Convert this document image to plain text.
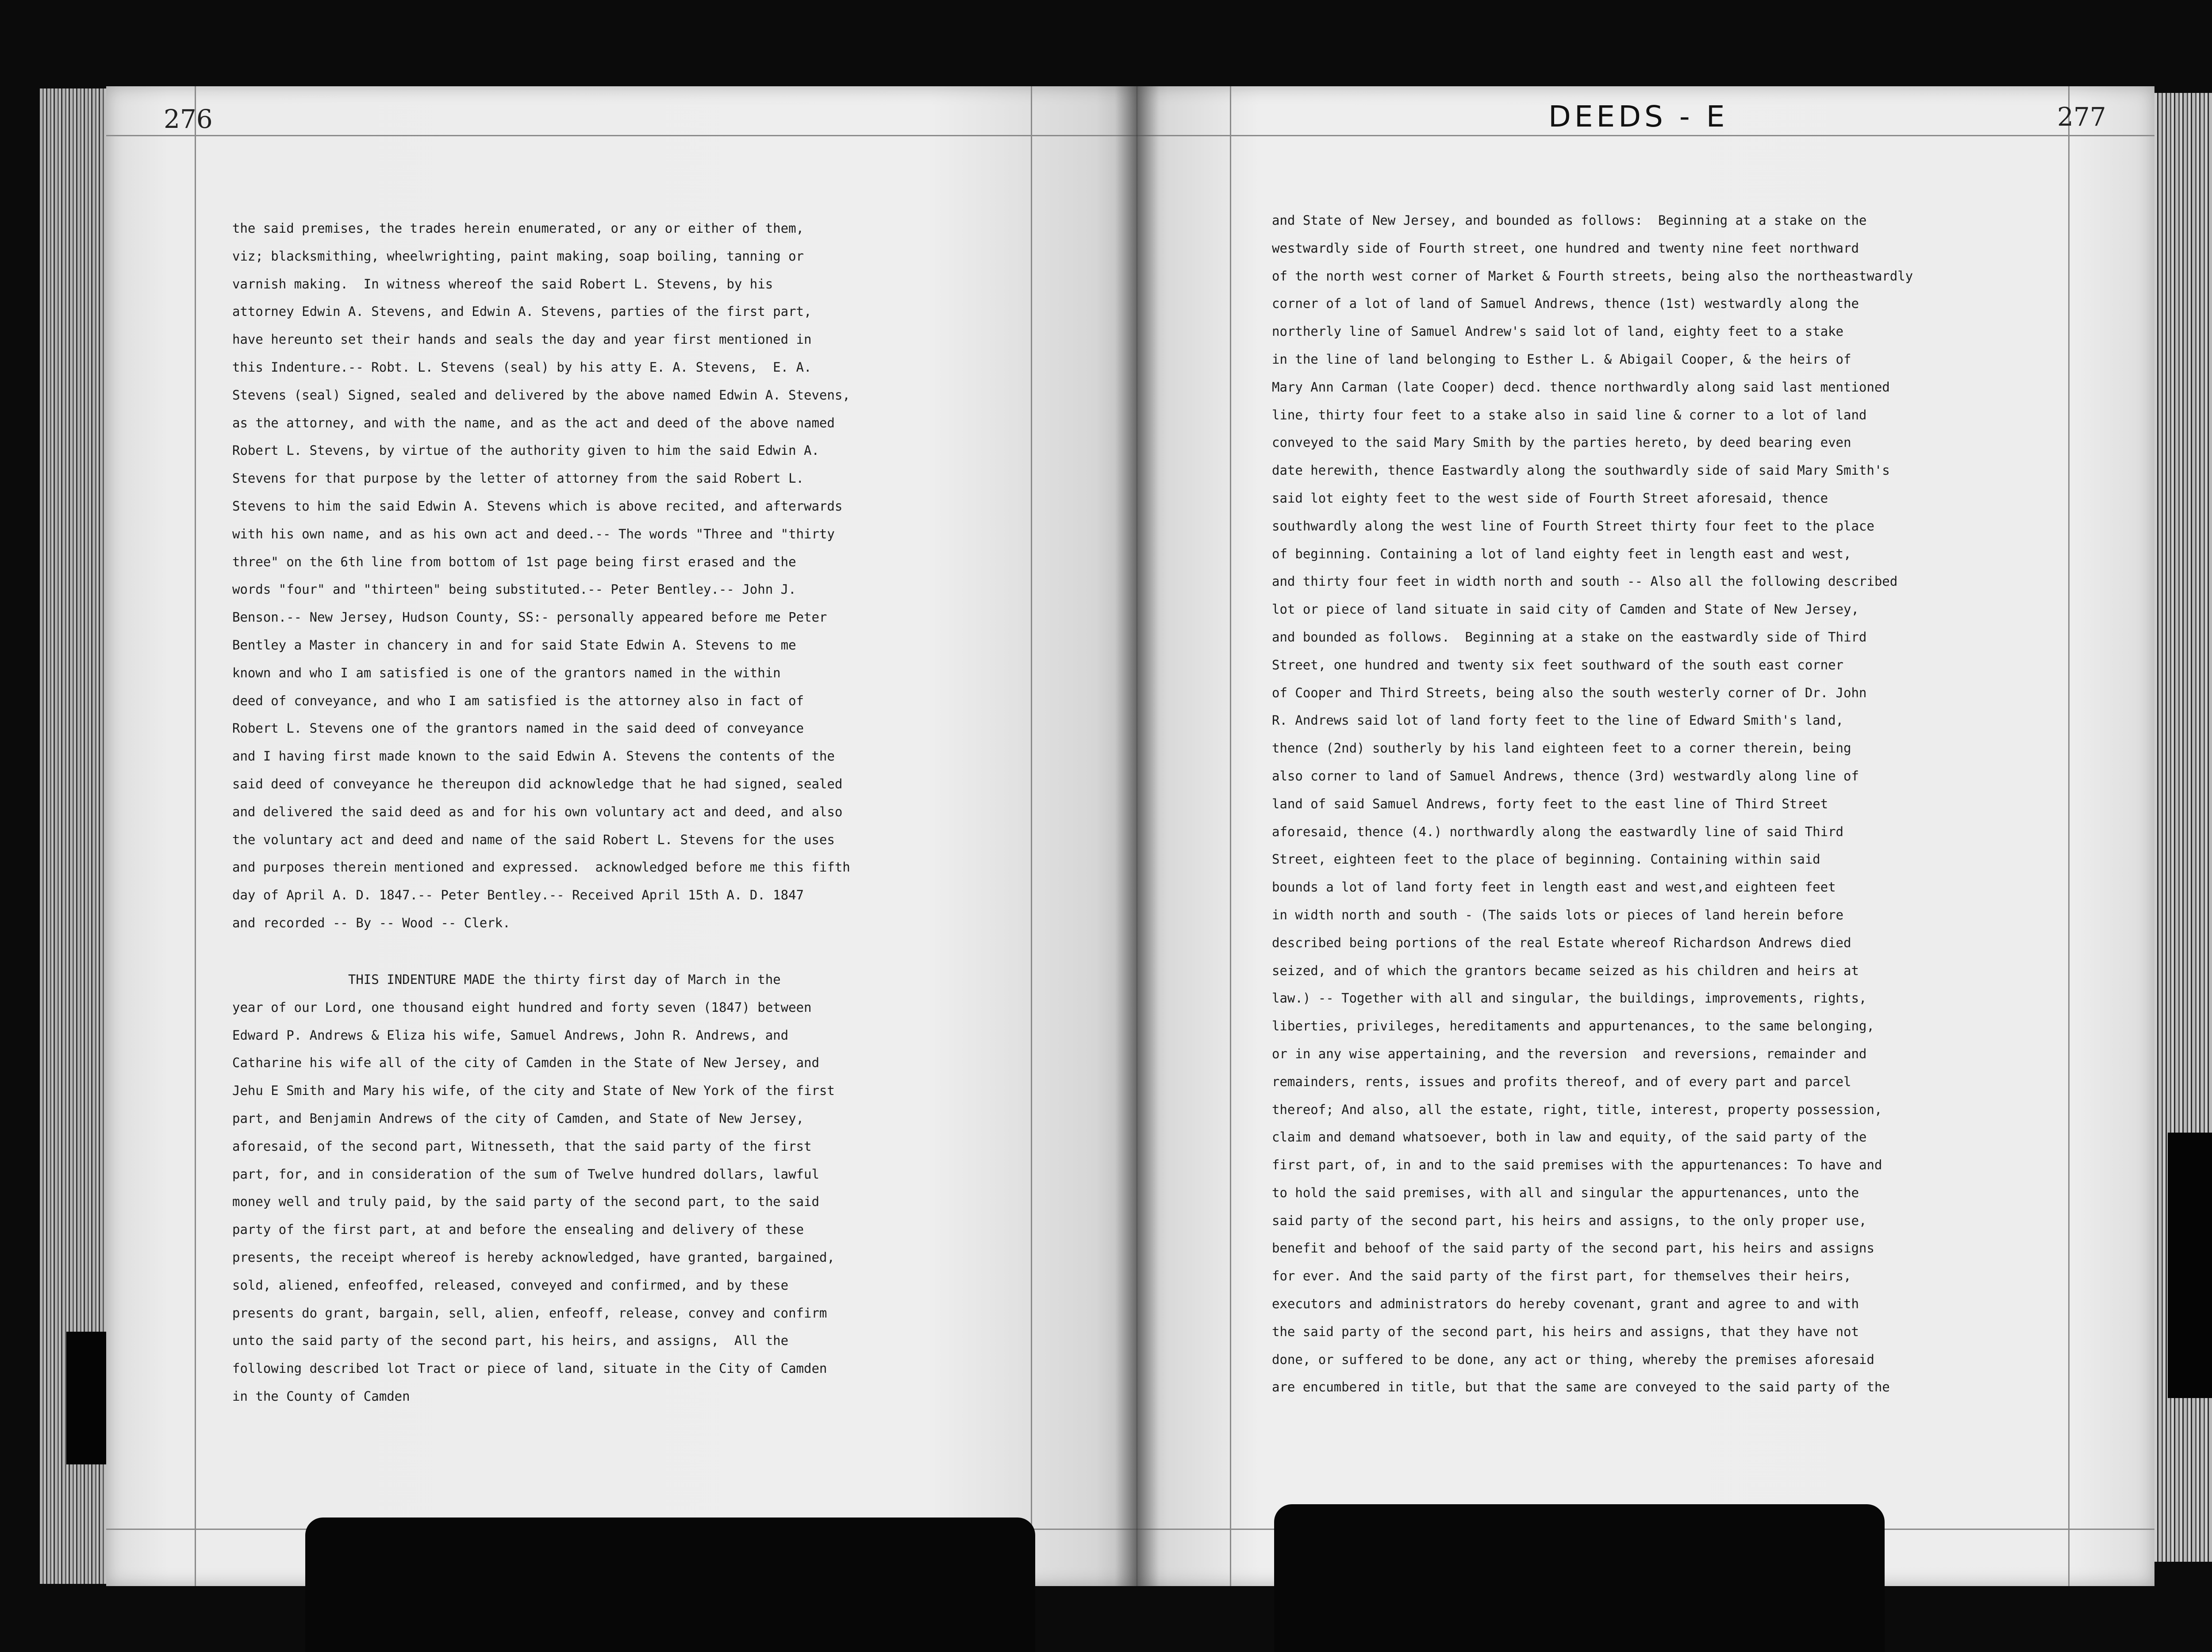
276
the said premises, the trades herein enumerated, or any or either of them,
viz; blacksmithing, wheelwrighting, paint making, soap boiling, tanning or
varnish making.  In witness whereof the said Robert L. Stevens, by his
attorney Edwin A. Stevens, and Edwin A. Stevens, parties of the first part,
have hereunto set their hands and seals the day and year first mentioned in
this Indenture.-- Robt. L. Stevens (seal) by his atty E. A. Stevens,  E. A.
Stevens (seal) Signed, sealed and delivered by the above named Edwin A. Stevens,
as the attorney, and with the name, and as the act and deed of the above named
Robert L. Stevens, by virtue of the authority given to him the said Edwin A.
Stevens for that purpose by the letter of attorney from the said Robert L.
Stevens to him the said Edwin A. Stevens which is above recited, and afterwards
with his own name, and as his own act and deed.-- The words "Three and "thirty
three" on the 6th line from bottom of 1st page being first erased and the
words "four" and "thirteen" being substituted.-- Peter Bentley.-- John J.
Benson.-- New Jersey, Hudson County, SS:- personally appeared before me Peter
Bentley a Master in chancery in and for said State Edwin A. Stevens to me
known and who I am satisfied is one of the grantors named in the within
deed of conveyance, and who I am satisfied is the attorney also in fact of
Robert L. Stevens one of the grantors named in the said deed of conveyance
and I having first made known to the said Edwin A. Stevens the contents of the
said deed of conveyance he thereupon did acknowledge that he had signed, sealed
and delivered the said deed as and for his own voluntary act and deed, and also
the voluntary act and deed and name of the said Robert L. Stevens for the uses
and purposes therein mentioned and expressed.  acknowledged before me this fifth
day of April A. D. 1847.-- Peter Bentley.-- Received April 15th A. D. 1847
and recorded -- By -- Wood -- Clerk.
THIS INDENTURE MADE the thirty first day of March in the
year of our Lord, one thousand eight hundred and forty seven (1847) between
Edward P. Andrews & Eliza his wife, Samuel Andrews, John R. Andrews, and
Catharine his wife all of the city of Camden in the State of New Jersey, and
Jehu E Smith and Mary his wife, of the city and State of New York of the first
part, and Benjamin Andrews of the city of Camden, and State of New Jersey,
aforesaid, of the second part, Witnesseth, that the said party of the first
part, for, and in consideration of the sum of Twelve hundred dollars, lawful
money well and truly paid, by the said party of the second part, to the said
party of the first part, at and before the ensealing and delivery of these
presents, the receipt whereof is hereby acknowledged, have granted, bargained,
sold, aliened, enfeoffed, released, conveyed and confirmed, and by these
presents do grant, bargain, sell, alien, enfeoff, release, convey and confirm
unto the said party of the second part, his heirs, and assigns,  All the
following described lot Tract or piece of land, situate in the City of Camden
in the County of Camden
DEEDS - E	277
and State of New Jersey, and bounded as follows:  Beginning at a stake on the
westwardly side of Fourth street, one hundred and twenty nine feet northward
of the north west corner of Market & Fourth streets, being also the northeastwardly
corner of a lot of land of Samuel Andrews, thence (1st) westwardly along the
northerly line of Samuel Andrew's said lot of land, eighty feet to a stake
in the line of land belonging to Esther L. & Abigail Cooper, & the heirs of
Mary Ann Carman (late Cooper) decd. thence northwardly along said last mentioned
line, thirty four feet to a stake also in said line & corner to a lot of land
conveyed to the said Mary Smith by the parties hereto, by deed bearing even
date herewith, thence Eastwardly along the southwardly side of said Mary Smith's
said lot eighty feet to the west side of Fourth Street aforesaid, thence
southwardly along the west line of Fourth Street thirty four feet to the place
of beginning. Containing a lot of land eighty feet in length east and west,
and thirty four feet in width north and south -- Also all the following described
lot or piece of land situate in said city of Camden and State of New Jersey,
and bounded as follows.  Beginning at a stake on the eastwardly side of Third
Street, one hundred and twenty six feet southward of the south east corner
of Cooper and Third Streets, being also the south westerly corner of Dr. John
R. Andrews said lot of land forty feet to the line of Edward Smith's land,
thence (2nd) southerly by his land eighteen feet to a corner therein, being
also corner to land of Samuel Andrews, thence (3rd) westwardly along line of
land of said Samuel Andrews, forty feet to the east line of Third Street
aforesaid, thence (4.) northwardly along the eastwardly line of said Third
Street, eighteen feet to the place of beginning. Containing within said
bounds a lot of land forty feet in length east and west,and eighteen feet
in width north and south - (The saids lots or pieces of land herein before
described being portions of the real Estate whereof Richardson Andrews died
seized, and of which the grantors became seized as his children and heirs at
law.) -- Together with all and singular, the buildings, improvements, rights,
liberties, privileges, hereditaments and appurtenances, to the same belonging,
or in any wise appertaining, and the reversion  and reversions, remainder and
remainders, rents, issues and profits thereof, and of every part and parcel
thereof; And also, all the estate, right, title, interest, property possession,
claim and demand whatsoever, both in law and equity, of the said party of the
first part, of, in and to the said premises with the appurtenances: To have and
to hold the said premises, with all and singular the appurtenances, unto the
said party of the second part, his heirs and assigns, to the only proper use,
benefit and behoof of the said party of the second part, his heirs and assigns
for ever. And the said party of the first part, for themselves their heirs,
executors and administrators do hereby covenant, grant and agree to and with
the said party of the second part, his heirs and assigns, that they have not
done, or suffered to be done, any act or thing, whereby the premises aforesaid
are encumbered in title, but that the same are conveyed to the said party of the
